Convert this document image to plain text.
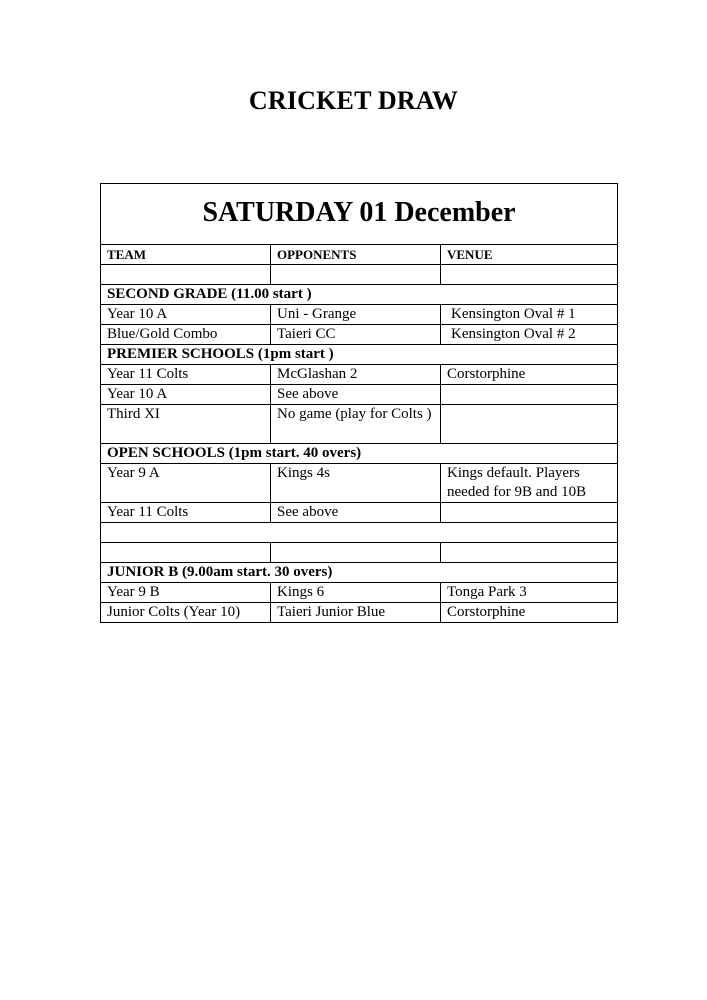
CRICKET DRAW
SATURDAY 01 December		
TEAM	OPPONENTS	VENUE

SECOND GRADE (11.00 start )		
Year 10 A	Uni - Grange	Kensington Oval # 1
Blue/Gold Combo	Taieri CC	Kensington Oval # 2
PREMIER SCHOOLS (1pm start )		
Year 11 Colts	McGlashan 2	Corstorphine
Year 10 A	See above	
Third XI	No game (play for Colts )	
OPEN SCHOOLS (1pm start. 40 overs)		
Year 9 A	Kings 4s	Kings default. Players needed for 9B and 10B
Year 11 Colts	See above	

JUNIOR B (9.00am start. 30 overs)		
Year 9 B	Kings 6	Tonga Park 3
Junior Colts (Year 10)	Taieri Junior Blue	Corstorphine
